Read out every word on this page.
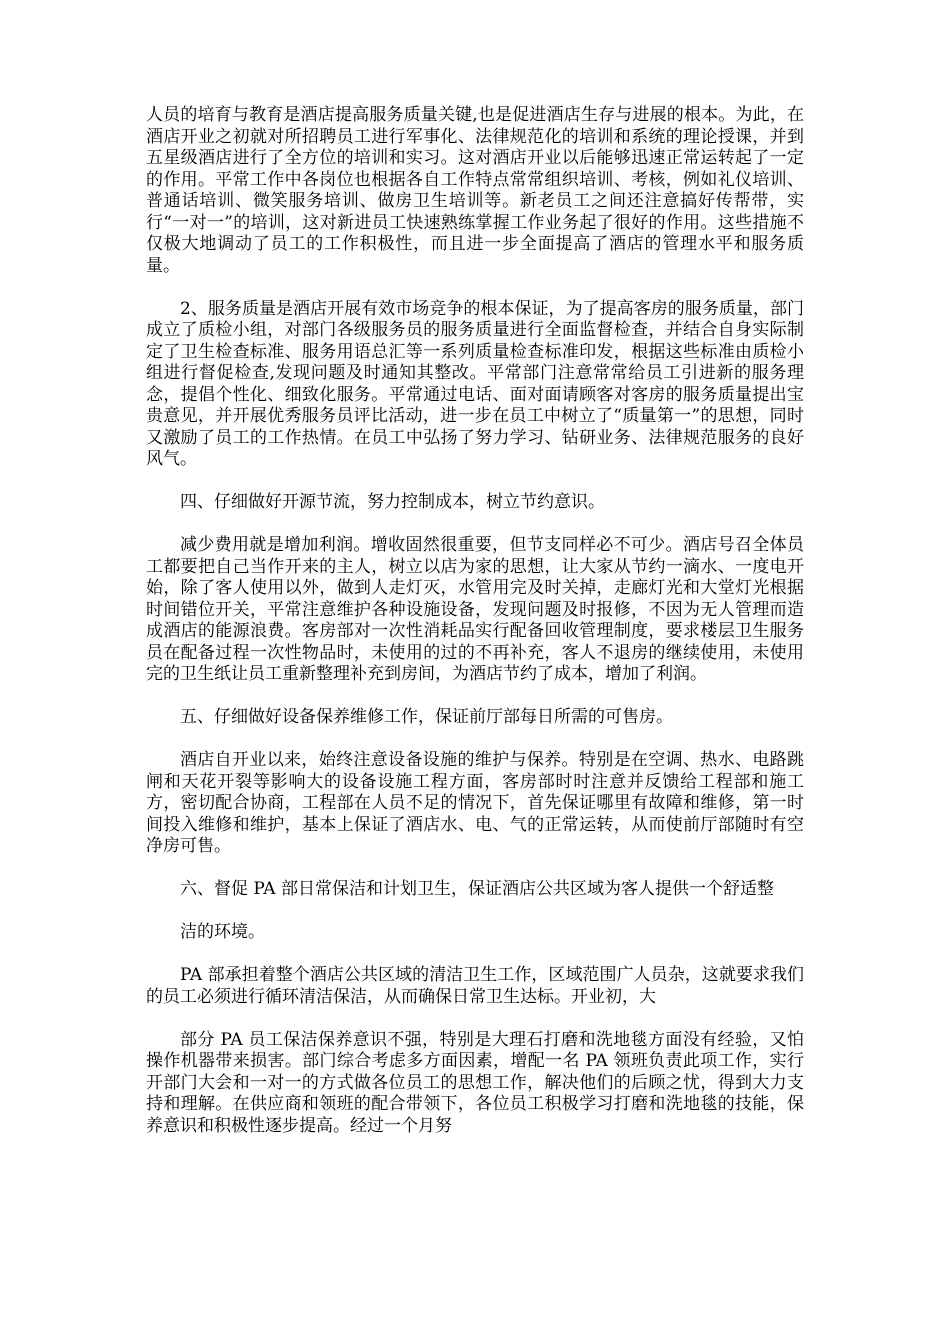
人员的培育与教育是酒店提高服务质量关键,也是促进酒店生存与进展的根本。为此，在酒店开业之初就对所招聘员工进行军事化、法律规范化的培训和系统的理论授课，并到五星级酒店进行了全方位的培训和实习。这对酒店开业以后能够迅速正常运转起了一定的作用。平常工作中各岗位也根据各自工作特点常常组织培训、考核，例如礼仪培训、普通话培训、微笑服务培训、做房卫生培训等。新老员工之间还注意搞好传帮带，实行“一对一”的培训，这对新进员工快速熟练掌握工作业务起了很好的作用。这些措施不仅极大地调动了员工的工作积极性，而且进一步全面提高了酒店的管理水平和服务质量。

2、服务质量是酒店开展有效市场竞争的根本保证，为了提高客房的服务质量，部门成立了质检小组，对部门各级服务员的服务质量进行全面监督检查，并结合自身实际制定了卫生检查标准、服务用语总汇等一系列质量检查标准印发，根据这些标准由质检小组进行督促检查,发现问题及时通知其整改。平常部门注意常常给员工引进新的服务理念，提倡个性化、细致化服务。平常通过电话、面对面请顾客对客房的服务质量提出宝贵意见，并开展优秀服务员评比活动，进一步在员工中树立了“质量第一”的思想，同时又激励了员工的工作热情。在员工中弘扬了努力学习、钻研业务、法律规范服务的良好风气。

四、仔细做好开源节流，努力控制成本，树立节约意识。

减少费用就是增加利润。增收固然很重要，但节支同样必不可少。酒店号召全体员工都要把自己当作开来的主人，树立以店为家的思想，让大家从节约一滴水、一度电开始，除了客人使用以外，做到人走灯灭，水管用完及时关掉，走廊灯光和大堂灯光根据时间错位开关，平常注意维护各种设施设备，发现问题及时报修，不因为无人管理而造成酒店的能源浪费。客房部对一次性消耗品实行配备回收管理制度，要求楼层卫生服务员在配备过程一次性物品时，未使用的过的不再补充，客人不退房的继续使用，未使用完的卫生纸让员工重新整理补充到房间，为酒店节约了成本，增加了利润。

五、仔细做好设备保养维修工作，保证前厅部每日所需的可售房。

酒店自开业以来，始终注意设备设施的维护与保养。特别是在空调、热水、电路跳闸和天花开裂等影响大的设备设施工程方面，客房部时时注意并反馈给工程部和施工方，密切配合协商，工程部在人员不足的情况下，首先保证哪里有故障和维修，第一时间投入维修和维护，基本上保证了酒店水、电、气的正常运转，从而使前厅部随时有空净房可售。

六、督促 PA 部日常保洁和计划卫生，保证酒店公共区域为客人提供一个舒适整

洁的环境。

PA 部承担着整个酒店公共区域的清洁卫生工作，区域范围广人员杂，这就要求我们的员工必须进行循环清洁保洁，从而确保日常卫生达标。开业初，大

部分 PA 员工保洁保养意识不强，特别是大理石打磨和洗地毯方面没有经验，又怕操作机器带来损害。部门综合考虑多方面因素，增配一名 PA 领班负责此项工作，实行开部门大会和一对一的方式做各位员工的思想工作，解决他们的后顾之忧，得到大力支持和理解。在供应商和领班的配合带领下，各位员工积极学习打磨和洗地毯的技能，保养意识和积极性逐步提高。经过一个月努
